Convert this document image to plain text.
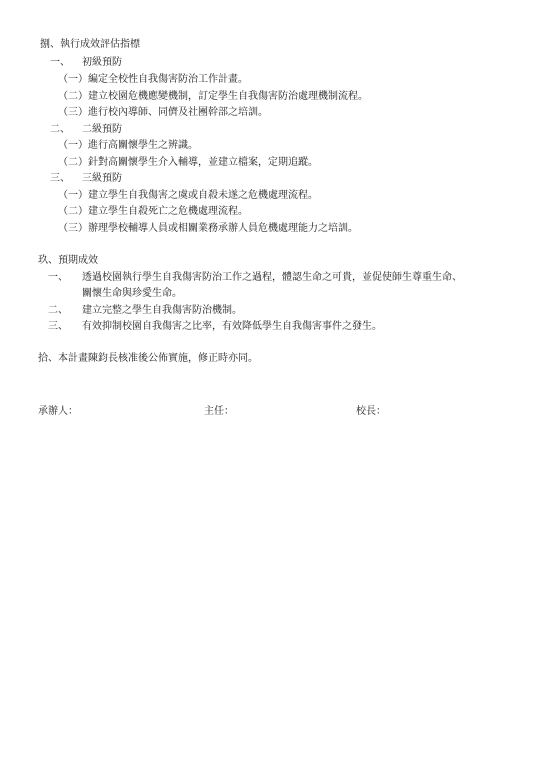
捌、執行成效評估指標
一、 初級預防
（一）編定全校性自我傷害防治工作計畫。
（二）建立校園危機應變機制，訂定學生自我傷害防治處理機制流程。
（三）進行校內導師、同儕及社團幹部之培訓。
二、 二級預防
（一）進行高關懷學生之辨識。
（二）針對高關懷學生介入輔導，並建立檔案，定期追蹤。
三、 三級預防
（一）建立學生自我傷害之虞或自殺未遂之危機處理流程。
（二）建立學生自殺死亡之危機處理流程。
（三）辦理學校輔導人員或相關業務承辦人員危機處理能力之培訓。
玖、預期成效
一、 透過校園執行學生自我傷害防治工作之過程，體認生命之可貴，並促使師生尊重生命、
關懷生命與珍愛生命。
二、 建立完整之學生自我傷害防治機制。
三、 有效抑制校園自我傷害之比率，有效降低學生自我傷害事件之發生。
拾、本計畫陳鈞長核准後公佈實施，修正時亦同。
承辦人：	主任：	校長：
